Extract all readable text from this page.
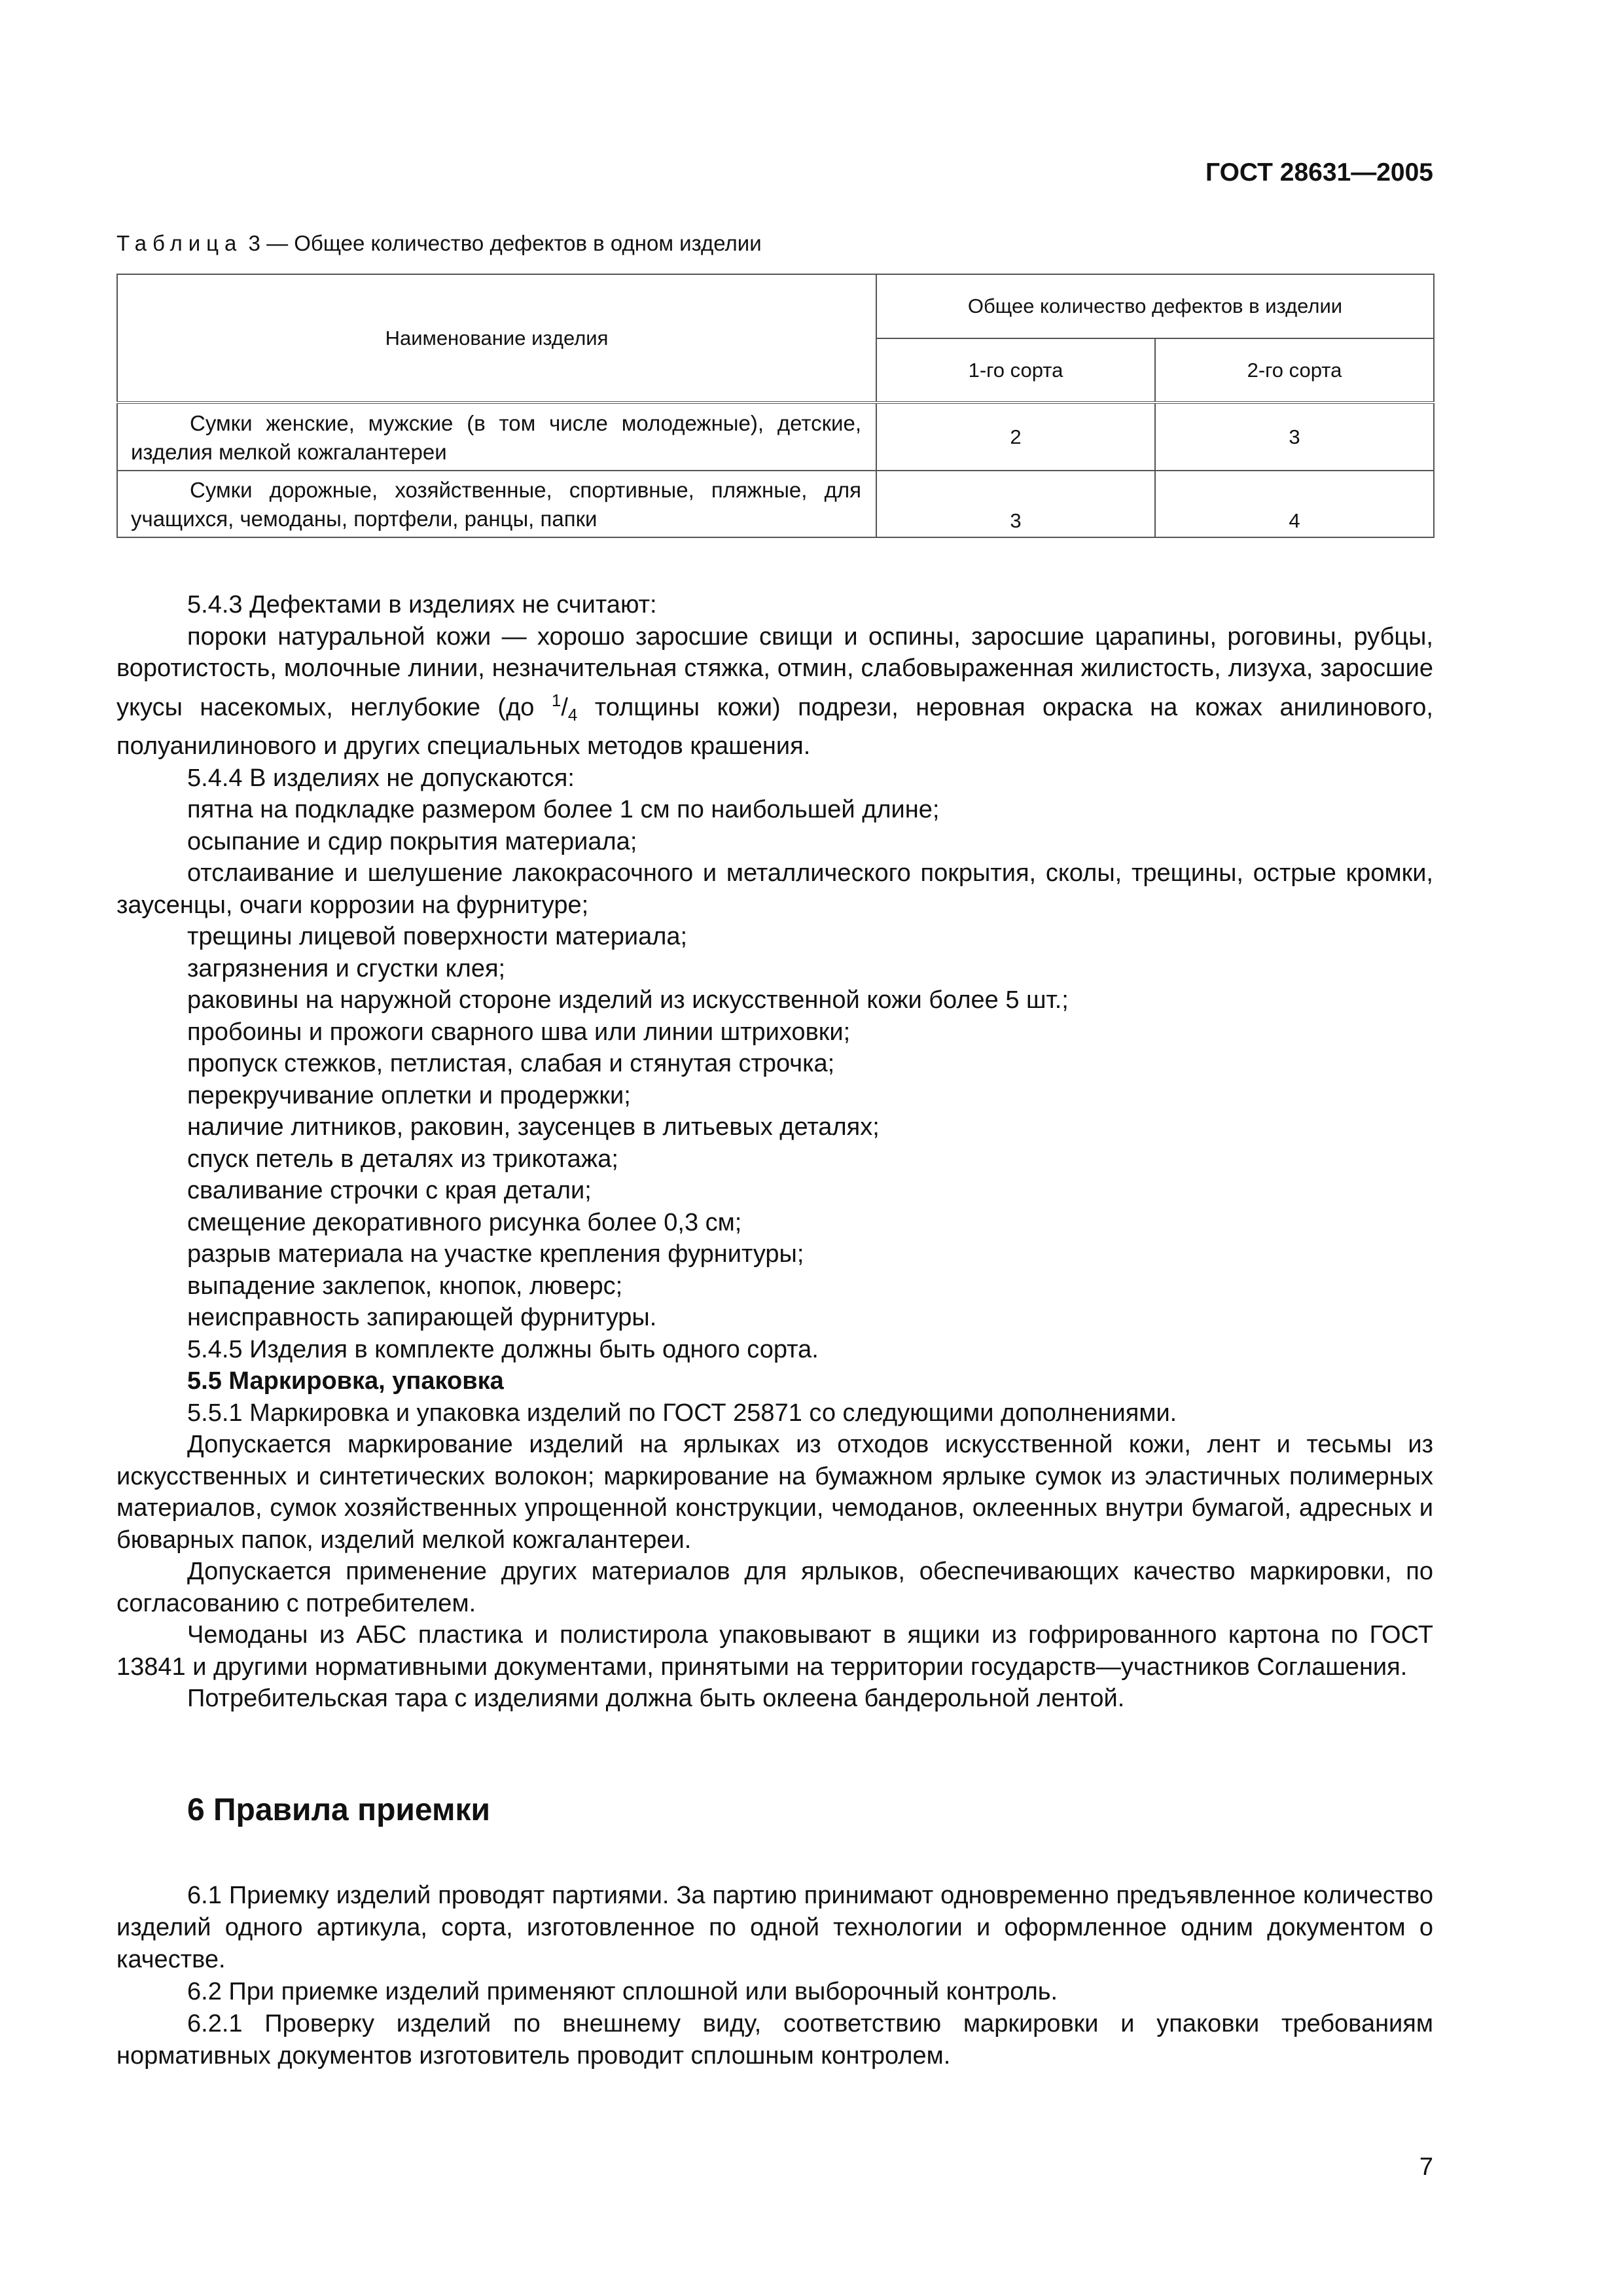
ГОСТ 28631—2005
Таблица 3 — Общее количество дефектов в одном изделии
Наименование изделия	Общее количество дефектов в изделии	
	1-го сорта	2-го сорта

Сумки женские, мужские (в том числе молодежные), детские, изделия мелкой кожгалантереи	2	3

Сумки дорожные, хозяйственные, спортивные, пляжные, для учащихся, чемоданы, портфели, ранцы, папки	3	4

5.4.3 Дефектами в изделиях не считают:

пороки натуральной кожи — хорошо заросшие свищи и оспины, заросшие царапины, роговины, рубцы, воротистость, молочные линии, незначительная стяжка, отмин, слабовыраженная жилистость, лизуха, заросшие укусы насекомых, неглубокие (до $^1/_4$ толщины кожи) подрези, неровная окраска на кожах анилинового, полуанилинового и других специальных методов крашения.

5.4.4 В изделиях не допускаются:

пятна на подкладке размером более 1 см по наибольшей длине;

осыпание и сдир покрытия материала;

отслаивание и шелушение лакокрасочного и металлического покрытия, сколы, трещины, острые кромки, заусенцы, очаги коррозии на фурнитуре;

трещины лицевой поверхности материала;

загрязнения и сгустки клея;

раковины на наружной стороне изделий из искусственной кожи более 5 шт.;

пробоины и прожоги сварного шва или линии штриховки;

пропуск стежков, петлистая, слабая и стянутая строчка;

перекручивание оплетки и продержки;

наличие литников, раковин, заусенцев в литьевых деталях;

спуск петель в деталях из трикотажа;

сваливание строчки с края детали;

смещение декоративного рисунка более 0,3 см;

разрыв материала на участке крепления фурнитуры;

выпадение заклепок, кнопок, люверс;

неисправность запирающей фурнитуры.

5.4.5 Изделия в комплекте должны быть одного сорта.

5.5 Маркировка, упаковка

5.5.1 Маркировка и упаковка изделий по ГОСТ 25871 со следующими дополнениями.

Допускается маркирование изделий на ярлыках из отходов искусственной кожи, лент и тесьмы из искусственных и синтетических волокон; маркирование на бумажном ярлыке сумок из эластичных полимерных материалов, сумок хозяйственных упрощенной конструкции, чемоданов, оклеенных внутри бумагой, адресных и бюварных папок, изделий мелкой кожгалантереи.

Допускается применение других материалов для ярлыков, обеспечивающих качество маркировки, по согласованию с потребителем.

Чемоданы из АБС пластика и полистирола упаковывают в ящики из гофрированного картона по ГОСТ 13841 и другими нормативными документами, принятыми на территории государств—участников Соглашения.

Потребительская тара с изделиями должна быть оклеена бандерольной лентой.

6 Правила приемки

6.1 Приемку изделий проводят партиями. За партию принимают одновременно предъявленное количество изделий одного артикула, сорта, изготовленное по одной технологии и оформленное одним документом о качестве.

6.2 При приемке изделий применяют сплошной или выборочный контроль.

6.2.1 Проверку изделий по внешнему виду, соответствию маркировки и упаковки требованиям нормативных документов изготовитель проводит сплошным контролем.

7
